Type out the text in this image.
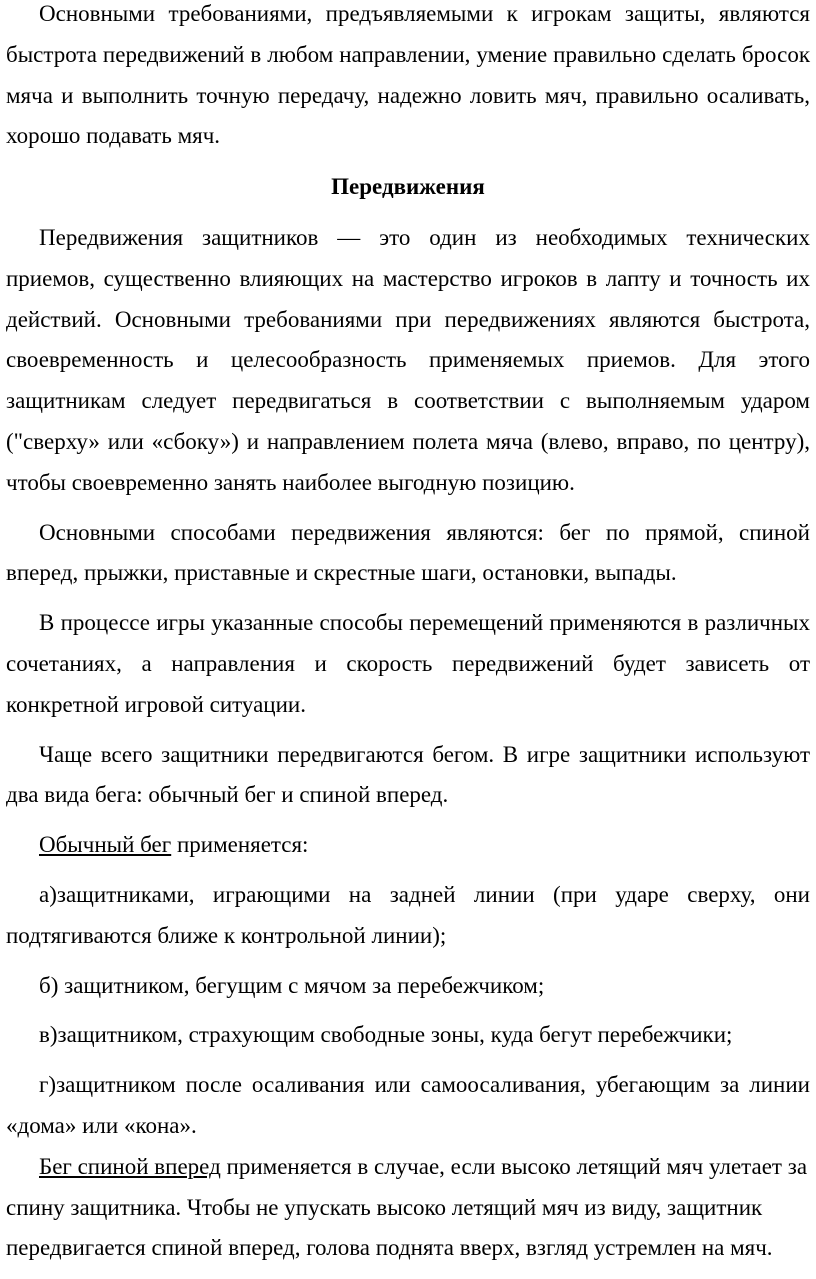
Основными требованиями, предъявляемыми к игрокам защиты, являются быстрота передвижений в любом направлении, умение правильно сделать бросок мяча и выполнить точную передачу, надежно ловить мяч, правильно осаливать, хорошо подавать мяч.

Передвижения

Передвижения защитников — это один из необходимых технических приемов, существенно влияющих на мастерство игроков в лапту и точность их действий. Основными требованиями при передвижениях являются быстрота, своевременность и целесообразность применяемых приемов. Для этого защитникам следует передвигаться в соответствии с выполняемым ударом ("сверху» или «сбоку») и направлением полета мяча (влево, вправо, по центру), чтобы своевременно занять наиболее выгодную позицию.

Основными способами передвижения являются: бег по прямой, спиной вперед, прыжки, приставные и скрестные шаги, остановки, выпады.

В процессе игры указанные способы перемещений применяются в различных сочетаниях, а направления и скорость передвижений будет зависеть от конкретной игровой ситуации.

Чаще всего защитники передвигаются бегом. В игре защитники используют два вида бега: обычный бег и спиной вперед.

Обычный бег применяется:

а)защитниками, играющими на задней линии (при ударе сверху, они подтягиваются ближе к контрольной линии);

б) защитником, бегущим с мячом за перебежчиком;

в)защитником, страхующим свободные зоны, куда бегут перебежчики;

г)защитником после осаливания или самоосаливания, убегающим за линии «дома» или «кона».

Бег спиной вперед применяется в случае, если высоко летящий мяч улетает за спину защитника. Чтобы не упускать высоко летящий мяч из виду, защитник передвигается спиной вперед, голова поднята вверх, взгляд устремлен на мяч.
